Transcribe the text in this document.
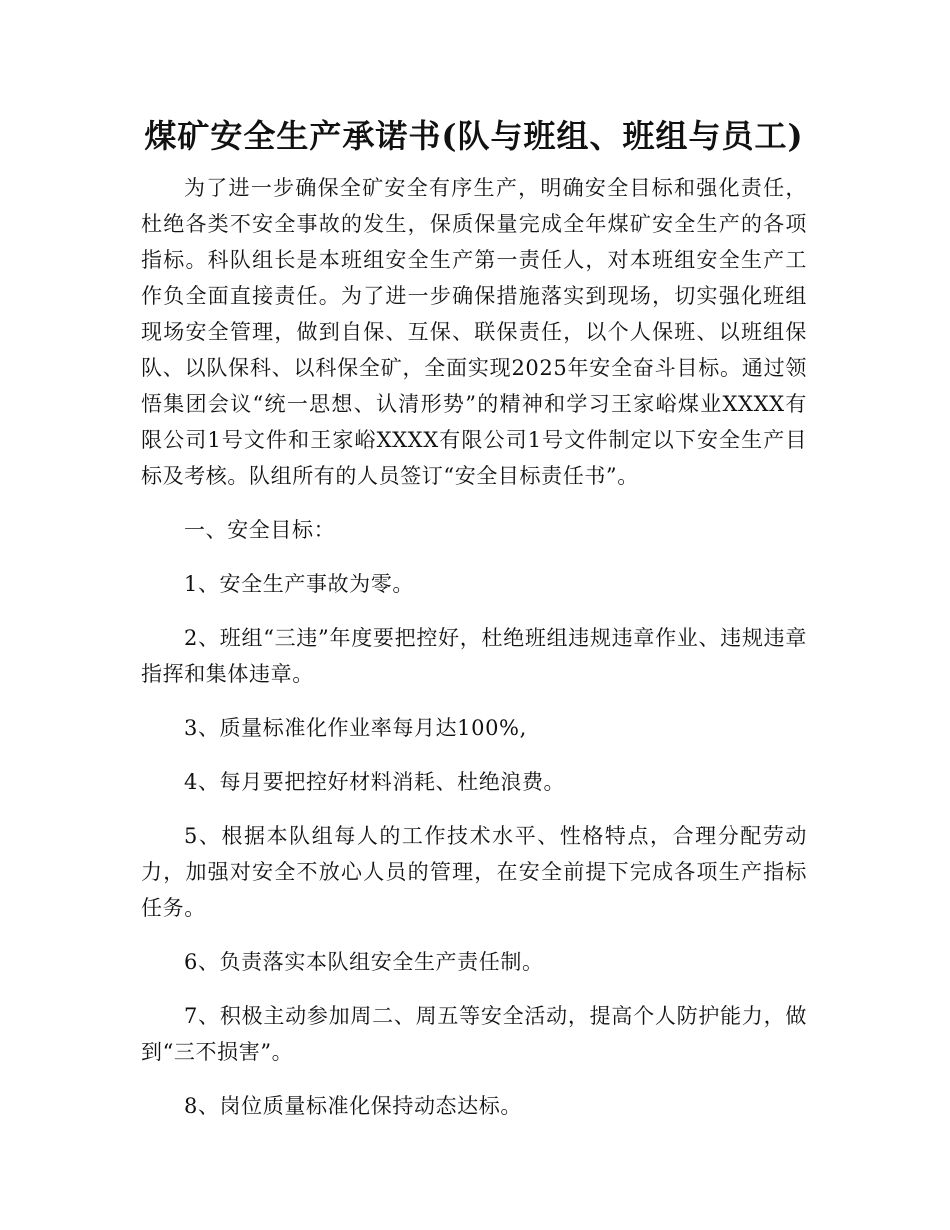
煤矿安全生产承诺书(队与班组、班组与员工)

为了进一步确保全矿安全有序生产，明确安全目标和强化责任，杜绝各类不安全事故的发生，保质保量完成全年煤矿安全生产的各项指标。科队组长是本班组安全生产第一责任人，对本班组安全生产工作负全面直接责任。为了进一步确保措施落实到现场，切实强化班组现场安全管理，做到自保、互保、联保责任，以个人保班、以班组保队、以队保科、以科保全矿，全面实现2025年安全奋斗目标。通过领悟集团会议“统一思想、认清形势”的精神和学习王家峪煤业XXXX有限公司1号文件和王家峪XXXX有限公司1号文件制定以下安全生产目标及考核。队组所有的人员签订“安全目标责任书”。

一、安全目标：

1、安全生产事故为零。

2、班组“三违”年度要把控好，杜绝班组违规违章作业、违规违章指挥和集体违章。

3、质量标准化作业率每月达100%,

4、每月要把控好材料消耗、杜绝浪费。

5、根据本队组每人的工作技术水平、性格特点，合理分配劳动力，加强对安全不放心人员的管理，在安全前提下完成各项生产指标任务。

6、负责落实本队组安全生产责任制。

7、积极主动参加周二、周五等安全活动，提高个人防护能力，做到“三不损害”。

8、岗位质量标准化保持动态达标。
